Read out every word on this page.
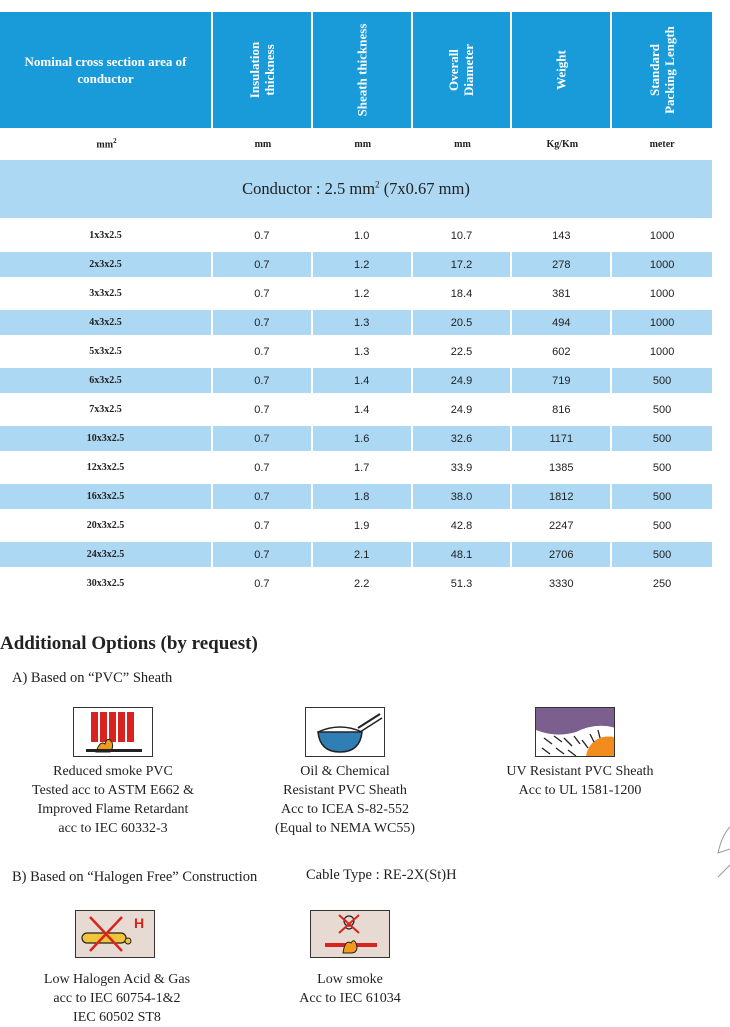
Nominal cross section area of conductor	Insulation thickness	Sheath thickness	Overall Diameter	Weight	Standard Packing Length
$mm^2$	mm	mm	mm	Kg/Km	meter
Conductor : 2.5 $mm^2$ (7x0.67 mm)
1x3x2.5	0.7	1.0	10.7	143	1000
2x3x2.5	0.7	1.2	17.2	278	1000
3x3x2.5	0.7	1.2	18.4	381	1000
4x3x2.5	0.7	1.3	20.5	494	1000
5x3x2.5	0.7	1.3	22.5	602	1000
6x3x2.5	0.7	1.4	24.9	719	500
7x3x2.5	0.7	1.4	24.9	816	500
10x3x2.5	0.7	1.6	32.6	1171	500
12x3x2.5	0.7	1.7	33.9	1385	500
16x3x2.5	0.7	1.8	38.0	1812	500
20x3x2.5	0.7	1.9	42.8	2247	500
24x3x2.5	0.7	2.1	48.1	2706	500
30x3x2.5	0.7	2.2	51.3	3330	250
Additional Options (by request)
A) Based on “PVC” Sheath
Reduced smoke PVC
Tested acc to ASTM E662 &
Improved Flame Retardant
acc to IEC 60332-3
Oil & Chemical
Resistant PVC Sheath
Acc to ICEA S-82-552
(Equal to NEMA WC55)
UV Resistant PVC Sheath
Acc to UL 1581-1200
B) Based on “Halogen Free” Construction	Cable Type : RE-2X(St)H
H
Low Halogen Acid & Gas
acc to IEC 60754-1&2
IEC 60502 ST8
Low smoke
Acc to IEC 61034
